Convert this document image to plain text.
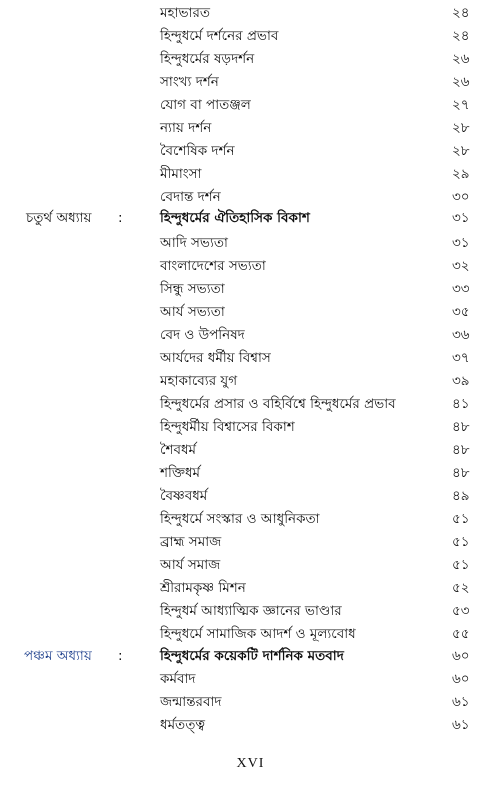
মহাভারত	২৪
হিন্দুধর্মে দর্শনের প্রভাব	২৪
হিন্দুধর্মের ষড়দর্শন	২৬
সাংখ্য দর্শন	২৬
যোগ বা পাতঞ্জল	২৭
ন্যায় দর্শন	২৮
বৈশেষিক দর্শন	২৮
মীমাংসা	২৯
বেদান্ত দর্শন	৩০
চতুর্থ অধ্যায় :	হিন্দুধর্মের ঐতিহাসিক বিকাশ	৩১
আদি সভ্যতা	৩১
বাংলাদেশের সভ্যতা	৩২
সিন্ধু সভ্যতা	৩৩
আর্য সভ্যতা	৩৫
বেদ ও উপনিষদ	৩৬
আর্যদের ধর্মীয় বিশ্বাস	৩৭
মহাকাব্যের যুগ	৩৯
হিন্দুধর্মের প্রসার ও বহির্বিশ্বে হিন্দুধর্মের প্রভাব	৪১
হিন্দুধর্মীয় বিশ্বাসের বিকাশ	৪৮
শৈবধর্ম	৪৮
শক্তিধর্ম	৪৮
বৈষ্ণবধর্ম	৪৯
হিন্দুধর্মে সংস্কার ও আধুনিকতা	৫১
ব্রাহ্ম সমাজ	৫১
আর্য সমাজ	৫১
শ্রীরামকৃষ্ণ মিশন	৫২
হিন্দুধর্ম আধ্যাত্মিক জ্ঞানের ভাণ্ডার	৫৩
হিন্দুধর্মে সামাজিক আদর্শ ও মূল্যবোধ	৫৫
পঞ্চম অধ্যায় :	হিন্দুধর্মের কয়েকটি দার্শনিক মতবাদ	৬০
কর্মবাদ	৬০
জন্মান্তরবাদ	৬১
ধর্মতত্ত্ব	৬১
XVI
